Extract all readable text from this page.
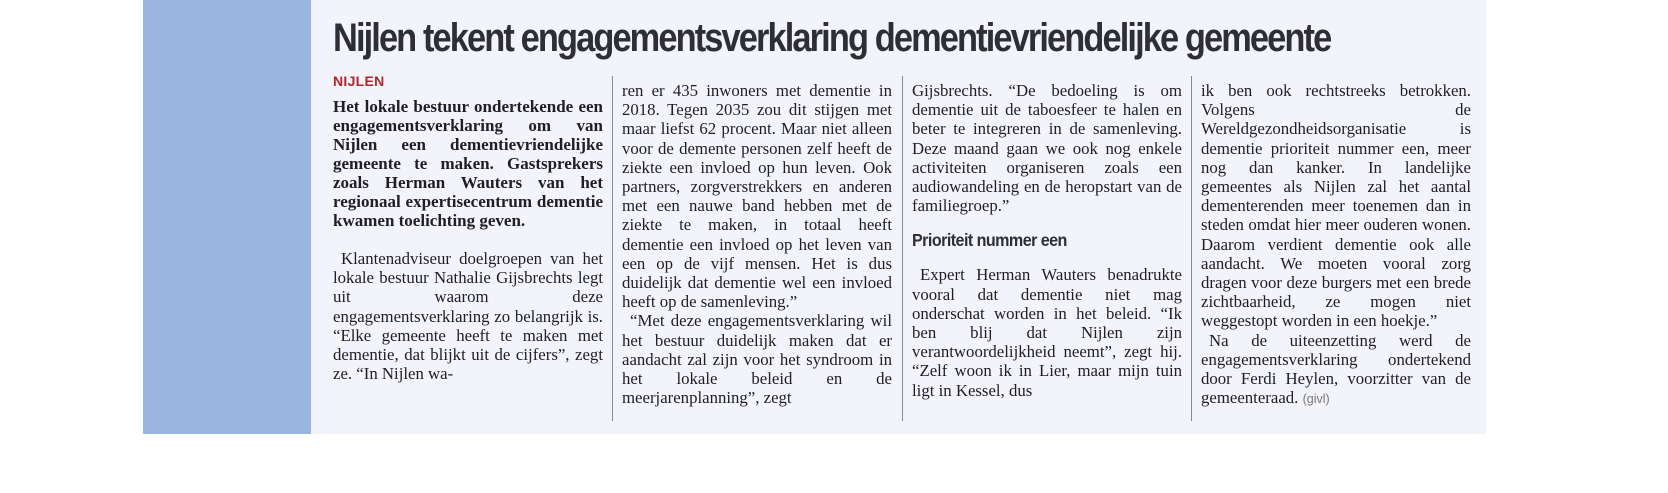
Nijlen tekent engagementsverklaring dementievriendelijke gemeente

NIJLEN

Het lokale bestuur ondertekende een engagementsverklaring om van Nijlen een dementievriendelijke gemeente te maken. Gastsprekers zoals Herman Wauters van het regionaal expertisecentrum dementie kwamen toelichting geven.

Klantenadviseur doelgroepen van het lokale bestuur Nathalie Gijsbrechts legt uit waarom deze engagementsverklaring zo belangrijk is. “Elke gemeente heeft te maken met dementie, dat blijkt uit de cijfers”, zegt ze. “In Nijlen wa-

ren er 435 inwoners met dementie in 2018. Tegen 2035 zou dit stijgen met maar liefst 62 procent. Maar niet alleen voor de demente personen zelf heeft de ziekte een invloed op hun leven. Ook partners, zorgverstrekkers en anderen met een nauwe band hebben met de ziekte te maken, in totaal heeft dementie een invloed op het leven van een op de vijf mensen. Het is dus duidelijk dat dementie wel een invloed heeft op de samenleving.”

“Met deze engagementsverklaring wil het bestuur duidelijk maken dat er aandacht zal zijn voor het syndroom in het lokale beleid en de meerjarenplanning”, zegt

Gijsbrechts. “De bedoeling is om dementie uit de taboesfeer te halen en beter te integreren in de samenleving. Deze maand gaan we ook nog enkele activiteiten organiseren zoals een audiowandeling en de heropstart van de familiegroep.”

Prioriteit nummer een

Expert Herman Wauters benadrukte vooral dat dementie niet mag onderschat worden in het beleid. “Ik ben blij dat Nijlen zijn verantwoordelijkheid neemt”, zegt hij. “Zelf woon ik in Lier, maar mijn tuin ligt in Kessel, dus

ik ben ook rechtstreeks betrokken. Volgens de Wereldgezondheidsorganisatie is dementie prioriteit nummer een, meer nog dan kanker. In landelijke gemeentes als Nijlen zal het aantal dementerenden meer toenemen dan in steden omdat hier meer ouderen wonen. Daarom verdient dementie ook alle aandacht. We moeten vooral zorg dragen voor deze burgers met een brede zichtbaarheid, ze mogen niet weggestopt worden in een hoekje.”

Na de uiteenzetting werd de engagementsverklaring ondertekend door Ferdi Heylen, voorzitter van de gemeenteraad. (givl)
